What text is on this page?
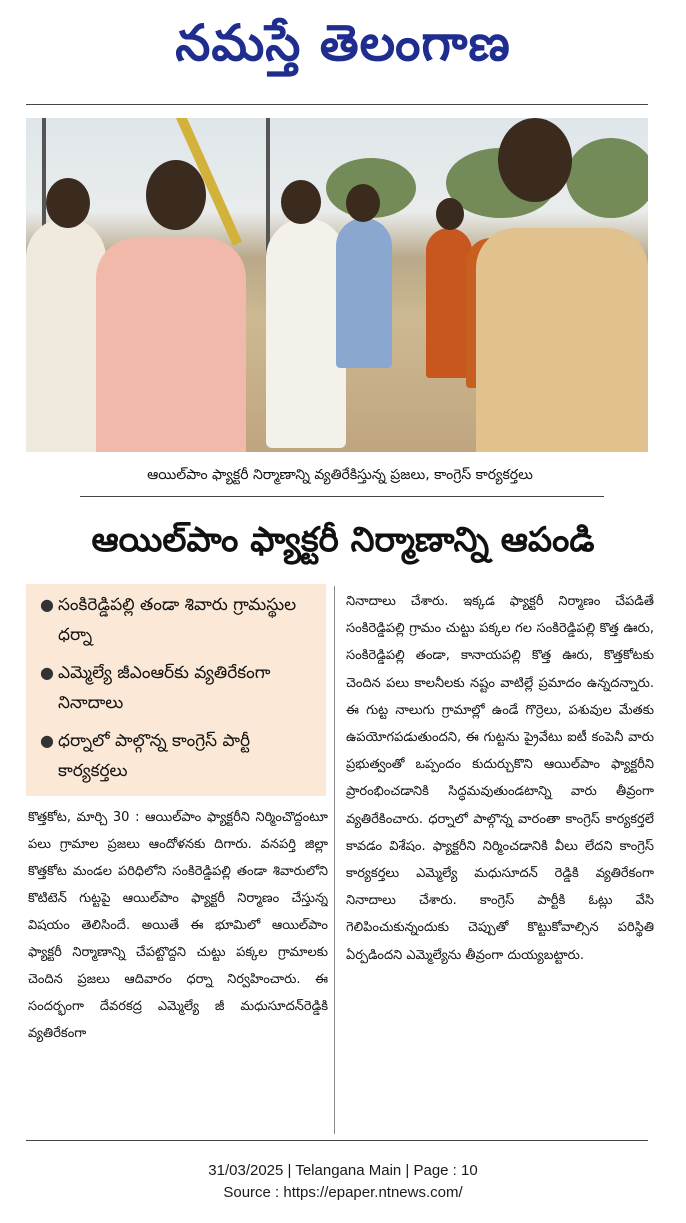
నమస్తే తెలంగాణ
ఆయిల్‌పాం ఫ్యాక్టరీ నిర్మాణాన్ని వ్యతిరేకిస్తున్న ప్రజలు, కాంగ్రెస్‌ కార్యకర్తలు
ఆయిల్‌పాం ఫ్యాక్టరీ నిర్మాణాన్ని ఆపండి
● సంకిరెడ్డిపల్లి తండా శివారు గ్రామస్థుల ధర్నా
● ఎమ్మెల్యే జీఎంఆర్‌కు వ్యతిరేకంగా నినాదాలు
● ధర్నాలో పాల్గొన్న కాంగ్రెస్‌ పార్టీ కార్యకర్తలు
కొత్తకోట, మార్చి 30 : ఆయిల్‌పాం ఫ్యాక్టరీని నిర్మించొద్దంటూ పలు గ్రామాల ప్రజలు ఆందోళనకు దిగారు. వనపర్తి జిల్లా కొత్తకోట మండల పరిధిలోని సంకిరెడ్డిపల్లి తండా శివారులోని కొటిటెన్‌ గుట్టపై ఆయిల్‌పాం ఫ్యాక్టరీ నిర్మాణం చేస్తున్న విషయం తెలిసిందే. అయితే ఈ భూమిలో ఆయిల్‌పాం ఫ్యాక్టరీ నిర్మాణాన్ని చేపట్టొద్దని చుట్టు పక్కల గ్రామాలకు చెందిన ప్రజలు ఆదివారం ధర్నా నిర్వహించారు. ఈ సందర్భంగా దేవరకద్ర ఎమ్మెల్యే జీ మధుసూదన్‌రెడ్డికి వ్యతిరేకంగా
నినాదాలు చేశారు. ఇక్కడ ఫ్యాక్టరీ నిర్మాణం చేపడితే సంకిరెడ్డిపల్లి గ్రామం చుట్టు పక్కల గల సంకిరెడ్డిపల్లి కొత్త ఊరు, సంకిరెడ్డిపల్లి తండా, కానాయపల్లి కొత్త ఊరు, కొత్తకోటకు చెందిన పలు కాలనీలకు నష్టం వాటిల్లే ప్రమాదం ఉన్నదన్నారు. ఈ గుట్ట నాలుగు గ్రామాల్లో ఉండే గొర్రెలు, పశువుల మేతకు ఉపయోగపడుతుందని, ఈ గుట్టను ప్రైవేటు ఐటీ కంపెనీ వారు ప్రభుత్వంతో ఒప్పందం కుదుర్చుకొని ఆయిల్‌పాం ఫ్యాక్టరీని ప్రారంభించడానికి సిద్ధమవుతుండటాన్ని వారు తీవ్రంగా వ్యతిరేకించారు. ధర్నాలో పాల్గొన్న వారంతా కాంగ్రెస్‌ కార్యకర్తలే కావడం విశేషం. ఫ్యాక్టరీని నిర్మించడానికి వీలు లేదని కాంగ్రెస్‌ కార్యకర్తలు ఎమ్మెల్యే మధుసూదన్‌ రెడ్డికి వ్యతిరేకంగా నినాదాలు చేశారు. కాంగ్రెస్‌ పార్టీకి ఓట్లు వేసి గెలిపించుకున్నందుకు చెప్పుతో కొట్టుకోవాల్సిన పరిస్థితి ఏర్పడిందని ఎమ్మెల్యేను తీవ్రంగా దుయ్యబట్టారు.
31/03/2025 | Telangana Main | Page : 10
Source : https://epaper.ntnews.com/
